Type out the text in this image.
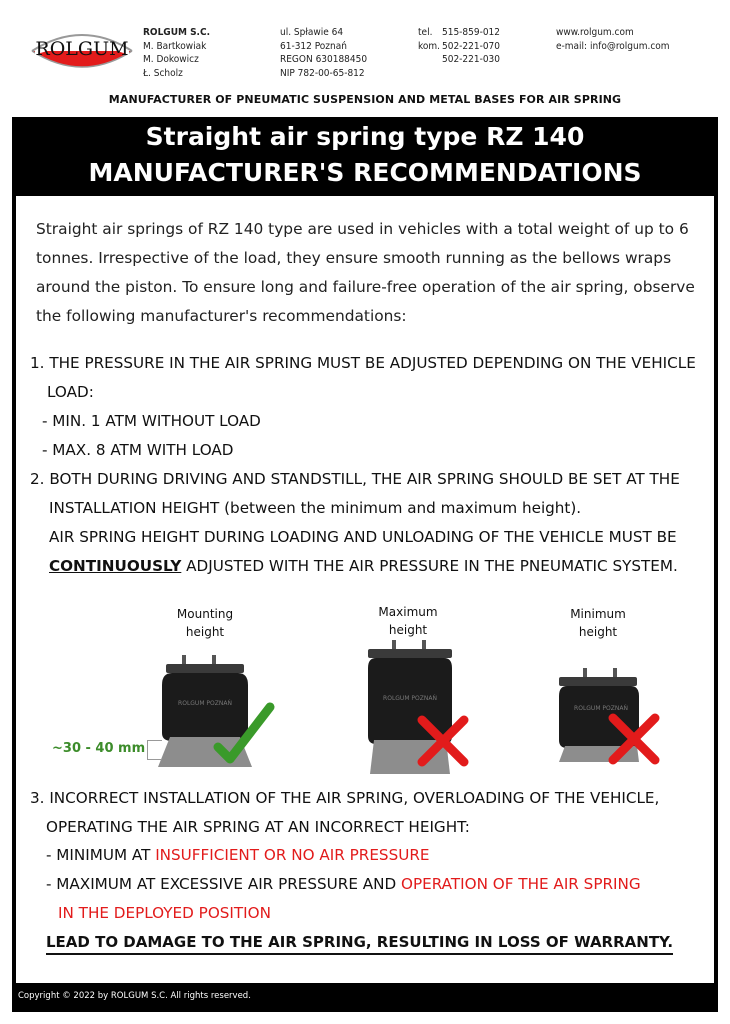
ROLGUM
ROLGUM S.C.
M. Bartkowiak
M. Dokowicz
Ł. Scholz
ul. Spławie 64
61-312 Poznań
REGON 630188450
NIP 782-00-65-812
tel. 515-859-012
kom. 502-221-070
502-221-030
www.rolgum.com
e-mail: info@rolgum.com
MANUFACTURER OF PNEUMATIC SUSPENSION AND METAL BASES FOR AIR SPRING
Straight air spring type RZ 140
MANUFACTURER'S RECOMMENDATIONS
Straight air springs of RZ 140 type are used in vehicles with a total weight of up to 6 tonnes. Irrespective of the load, they ensure smooth running as the bellows wraps around the piston. To ensure long and failure-free operation of the air spring, observe the following manufacturer's recommendations:
1. THE PRESSURE IN THE AIR SPRING MUST BE ADJUSTED DEPENDING ON THE VEHICLE
LOAD:
- MIN. 1 ATM WITHOUT LOAD
- MAX. 8 ATM WITH LOAD
2. BOTH DURING DRIVING AND STANDSTILL, THE AIR SPRING SHOULD BE SET AT THE
INSTALLATION HEIGHT (between the minimum and maximum height).
AIR SPRING HEIGHT DURING LOADING AND UNLOADING OF THE VEHICLE MUST BE
CONTINUOUSLY ADJUSTED WITH THE AIR PRESSURE IN THE PNEUMATIC SYSTEM.
Mounting
height
Maximum
height
Minimum
height
ROLGUM POZNAŃ
~30 - 40 mm
ROLGUM POZNAŃ
ROLGUM POZNAŃ
3. INCORRECT INSTALLATION OF THE AIR SPRING, OVERLOADING OF THE VEHICLE,
OPERATING THE AIR SPRING AT AN INCORRECT HEIGHT:
- MINIMUM AT INSUFFICIENT OR NO AIR PRESSURE
- MAXIMUM AT EXCESSIVE AIR PRESSURE AND OPERATION OF THE AIR SPRING
IN THE DEPLOYED POSITION
LEAD TO DAMAGE TO THE AIR SPRING, RESULTING IN LOSS OF WARRANTY.
Copyright © 2022 by ROLGUM S.C. All rights reserved.
